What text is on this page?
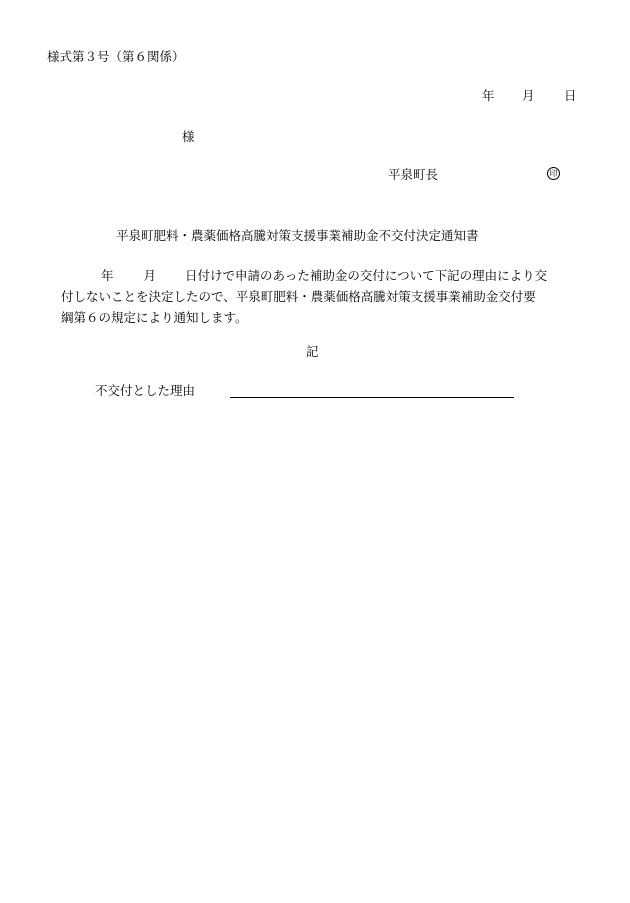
様式第３号（第６関係）
年 月 日
様
平泉町長	印
平泉町肥料・農薬価格高騰対策支援事業補助金不交付決定通知書
年 月 日付けで申請のあった補助金の交付について下記の理由により交
付しないことを決定したので、平泉町肥料・農薬価格高騰対策支援事業補助金交付要
綱第６の規定により通知します。
記
不交付とした理由
